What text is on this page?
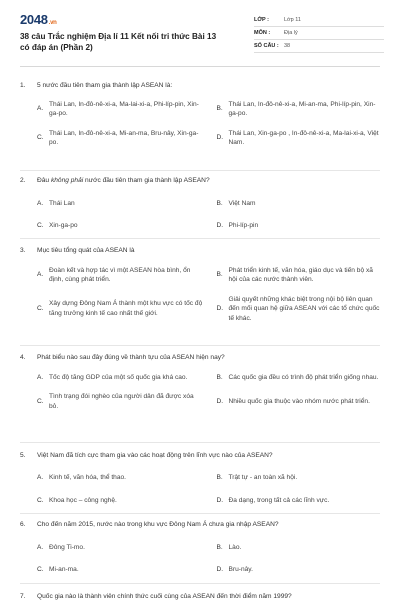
2048.vn
38 câu Trắc nghiệm Địa lí 11 Kết nối tri thức Bài 13 có đáp án (Phần 2)
LỚP :	Lớp 11
MÔN :	Địa lý
SỐ CÂU : 38
1.	5 nước đầu tiên tham gia thành lập ASEAN là:
A.
Thái Lan, In-đô-nê-xi-a, Ma-lai-xi-a, Phi-líp-pin, Xin-ga-po.
B.
Thái Lan, In-đô-nê-xi-a, Mi-an-ma, Phi-líp-pin, Xin-ga-po.
C.
Thái Lan, In-đô-nê-xi-a, Mi-an-ma, Bru-nây, Xin-ga-po.
D.
Thái Lan, Xin-ga-po , In-đô-nê-xi-a, Ma-lai-xi-a, Việt Nam.
2.	Đâu không phải nước đầu tiên tham gia thành lập ASEAN?
A. Thái Lan	B. Việt Nam
C. Xin-ga-po	D. Phi-líp-pin
3.	Mục tiêu tổng quát của ASEAN là
A.
Đoàn kết và hợp tác vì một ASEAN hòa bình, ổn định, cùng phát triển.
B.
Phát triển kinh tế, văn hóa, giáo dục và tiến bộ xã hội của các nước thành viên.
C.
Xây dựng Đông Nam Á thành một khu vực có tốc độ tăng trưởng kinh tế cao nhất thế giới.
D.
Giải quyết những khác biệt trong nội bộ liên quan đến mối quan hệ giữa ASEAN với các tổ chức quốc tế khác.
4.	Phát biểu nào sau đây đúng về thành tựu của ASEAN hiện nay?
A. Tốc độ tăng GDP của một số quốc gia khá cao.	B. Các quốc gia đều có trình độ phát triển giống nhau.
C.
Tình trạng đói nghèo của người dân đã được xóa bỏ.
D. Nhiều quốc gia thuộc vào nhóm nước phát triển.
5.	Việt Nam đã tích cực tham gia vào các hoạt động trên lĩnh vực nào của ASEAN?
A. Kinh tế, văn hóa, thể thao.	B. Trật tự - an toàn xã hội.
C. Khoa học – công nghệ.	D. Đa dạng, trong tất cả các lĩnh vực.
6.	Cho đến năm 2015, nước nào trong khu vực Đông Nam Á chưa gia nhập ASEAN?
A. Đông Ti-mo.	B. Lào.
C. Mi-an-ma.	D. Bru-nây.
7.	Quốc gia nào là thành viên chính thức cuối cùng của ASEAN đến thời điểm năm 1999?
